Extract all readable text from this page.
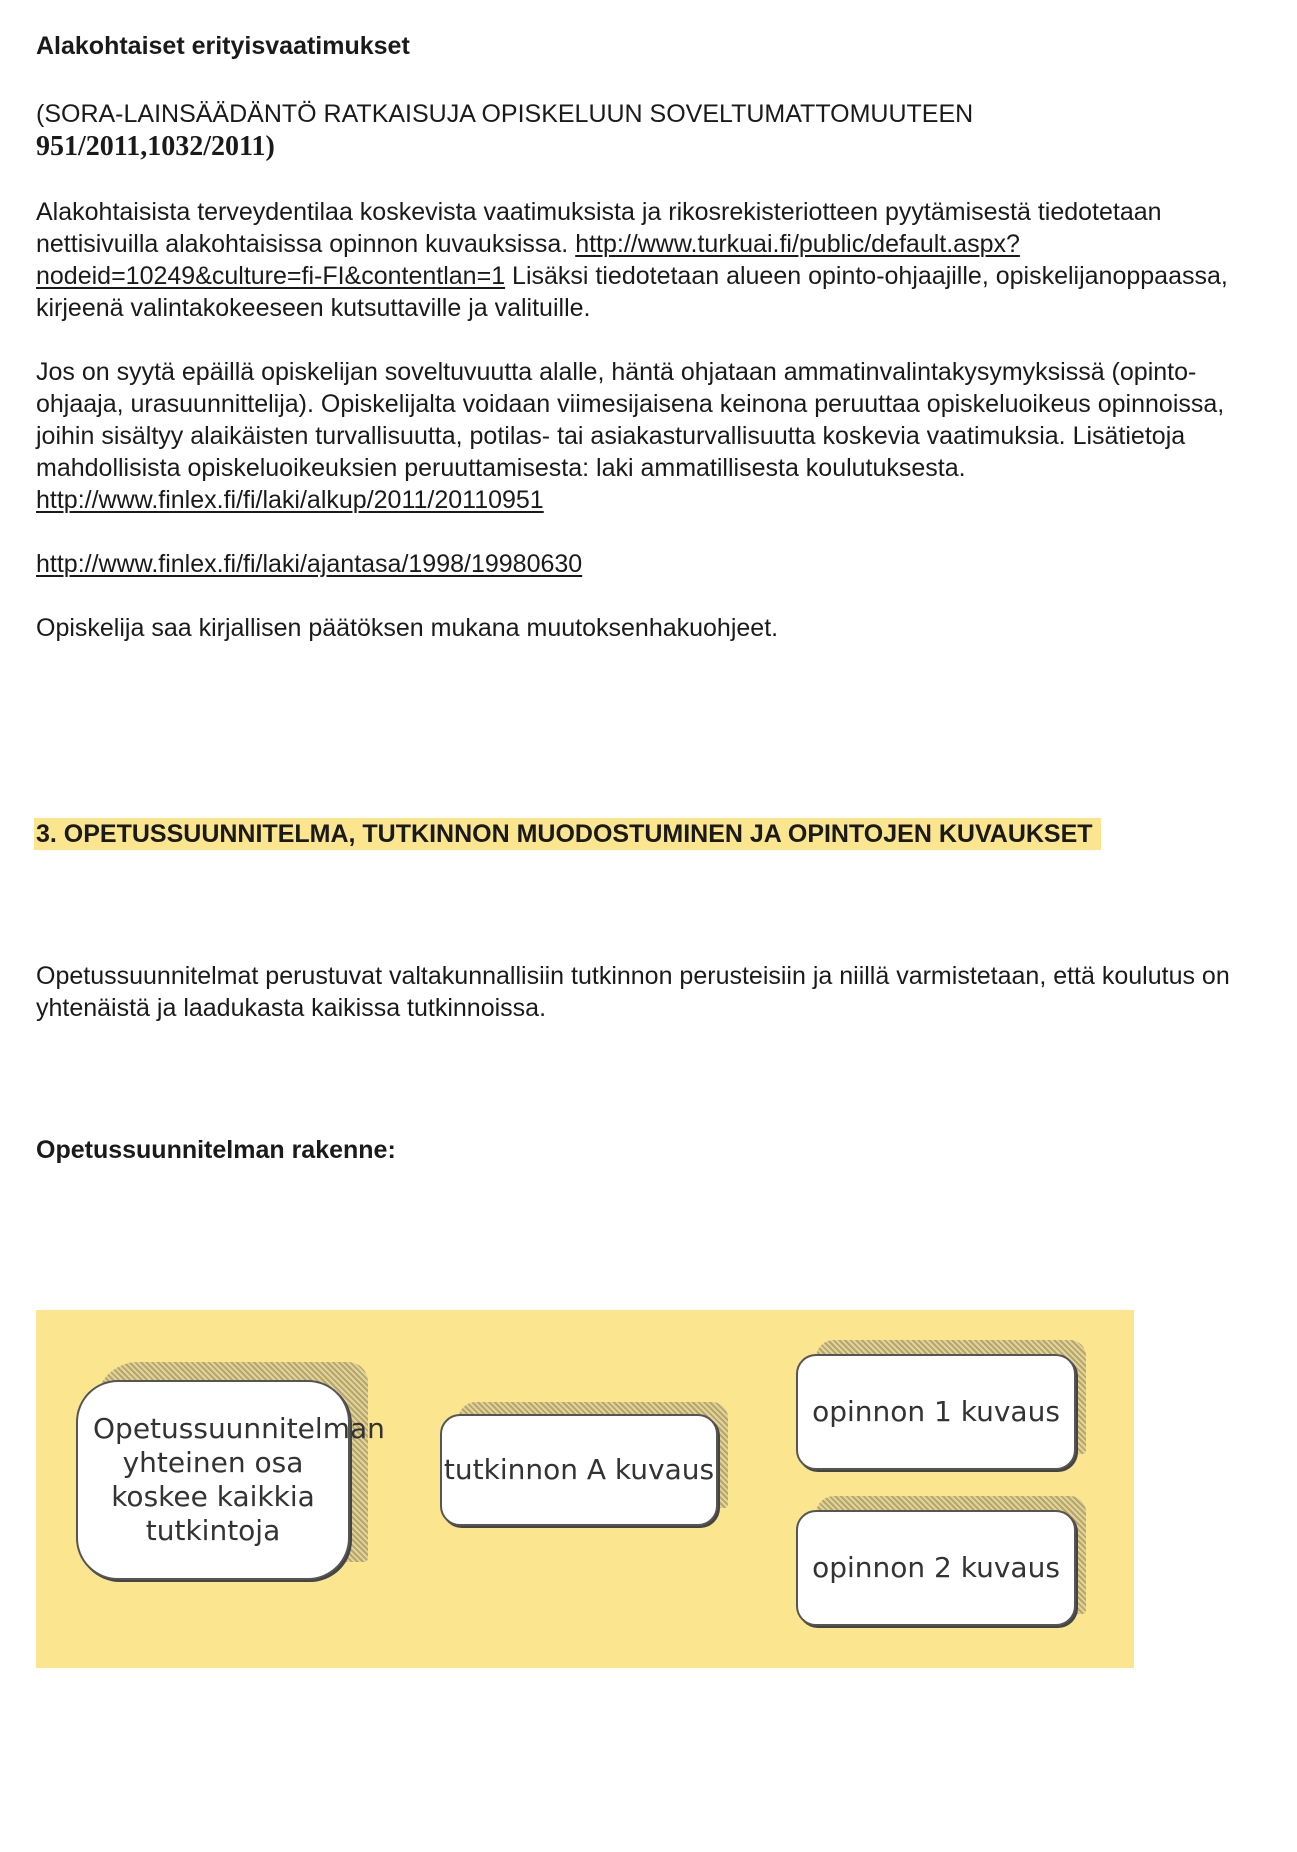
Alakohtaiset erityisvaatimukset

(SORA-LAINSÄÄDÄNTÖ RATKAISUJA OPISKELUUN SOVELTUMATTOMUUTEEN
951/2011,1032/2011)

Alakohtaisista terveydentilaa koskevista vaatimuksista ja rikosrekisteriotteen pyytämisestä tiedotetaan nettisivuilla alakohtaisissa opinnon kuvauksissa. http://www.turkuai.fi/public/default.aspx?nodeid=10249&culture=fi-FI&contentlan=1 Lisäksi tiedotetaan alueen opinto-ohjaajille, opiskelijanoppaassa, kirjeenä valintakokeeseen kutsuttaville ja valituille.

Jos on syytä epäillä opiskelijan soveltuvuutta alalle, häntä ohjataan ammatinvalintakysymyksissä (opinto-ohjaaja, urasuunnittelija). Opiskelijalta voidaan viimesijaisena keinona peruuttaa opiskeluoikeus opinnoissa, joihin sisältyy alaikäisten turvallisuutta, potilas- tai asiakasturvallisuutta koskevia vaatimuksia. Lisätietoja mahdollisista opiskeluoikeuksien peruuttamisesta: laki ammatillisesta koulutuksesta. http://www.finlex.fi/fi/laki/alkup/2011/20110951

http://www.finlex.fi/fi/laki/ajantasa/1998/19980630

Opiskelija saa kirjallisen päätöksen mukana muutoksenhakuohjeet.

3. OPETUSSUUNNITELMA, TUTKINNON MUODOSTUMINEN JA OPINTOJEN KUVAUKSET

Opetussuunnitelmat perustuvat valtakunnallisiin tutkinnon perusteisiin ja niillä varmistetaan, että koulutus on yhtenäistä ja laadukasta kaikissa tutkinnoissa.

Opetussuunnitelman rakenne:

Opetussuunnitelman yhteinen osa koskee kaikkia tutkintoja
tutkinnon A kuvaus
opinnon 1 kuvaus
opinnon 2 kuvaus
